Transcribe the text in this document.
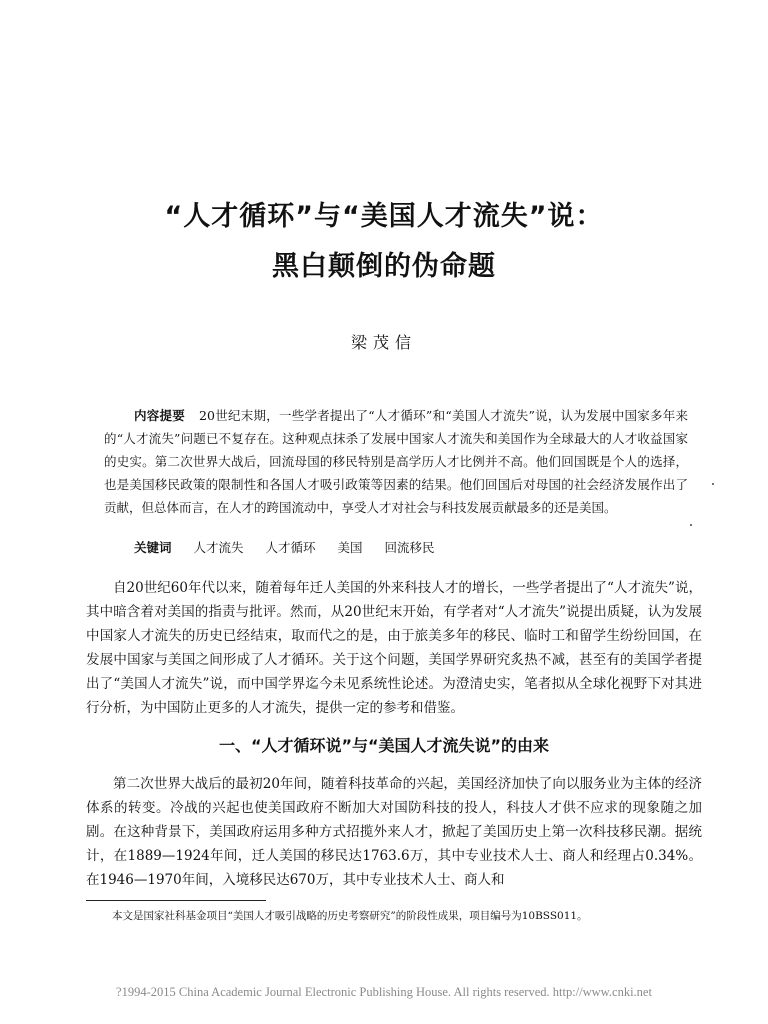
“人才循环”与“美国人才流失”说：
黑白颠倒的伪命题
梁茂信
内容提要 20世纪末期，一些学者提出了“人才循环”和“美国人才流失”说，认为发展中国家多年来的“人才流失”问题已不复存在。这种观点抹杀了发展中国家人才流失和美国作为全球最大的人才收益国家的史实。第二次世界大战后，回流母国的移民特别是高学历人才比例并不高。他们回国既是个人的选择，也是美国移民政策的限制性和各国人才吸引政策等因素的结果。他们回国后对母国的社会经济发展作出了贡献，但总体而言，在人才的跨国流动中，享受人才对社会与科技发展贡献最多的还是美国。
关键词 人才流失 人才循环 美国 回流移民
自20世纪60年代以来，随着每年迁人美国的外来科技人才的增长，一些学者提出了“人才流失”说，其中暗含着对美国的指责与批评。然而，从20世纪末开始，有学者对“人才流失”说提出质疑，认为发展中国家人才流失的历史已经结束，取而代之的是，由于旅美多年的移民、临时工和留学生纷纷回国，在发展中国家与美国之间形成了人才循环。关于这个问题，美国学界研究炙热不减，甚至有的美国学者提出了“美国人才流失”说，而中国学界迄今未见系统性论述。为澄清史实，笔者拟从全球化视野下对其进行分析，为中国防止更多的人才流失，提供一定的参考和借鉴。
一、“人才循环说”与“美国人才流失说”的由来
第二次世界大战后的最初20年间，随着科技革命的兴起，美国经济加快了向以服务业为主体的经济体系的转变。冷战的兴起也使美国政府不断加大对国防科技的投人，科技人才供不应求的现象随之加剧。在这种背景下，美国政府运用多种方式招揽外来人才，掀起了美国历史上第一次科技移民潮。据统计，在1889—1924年间，迁人美国的移民达1763.6万，其中专业技术人士、商人和经理占0.34%。在1946—1970年间，入境移民达670万，其中专业技术人士、商人和
本文是国家社科基金项目“美国人才吸引战略的历史考察研究”的阶段性成果，项目编号为10BSS011。
?1994-2015 China Academic Journal Electronic Publishing House. All rights reserved. http://www.cnki.net
